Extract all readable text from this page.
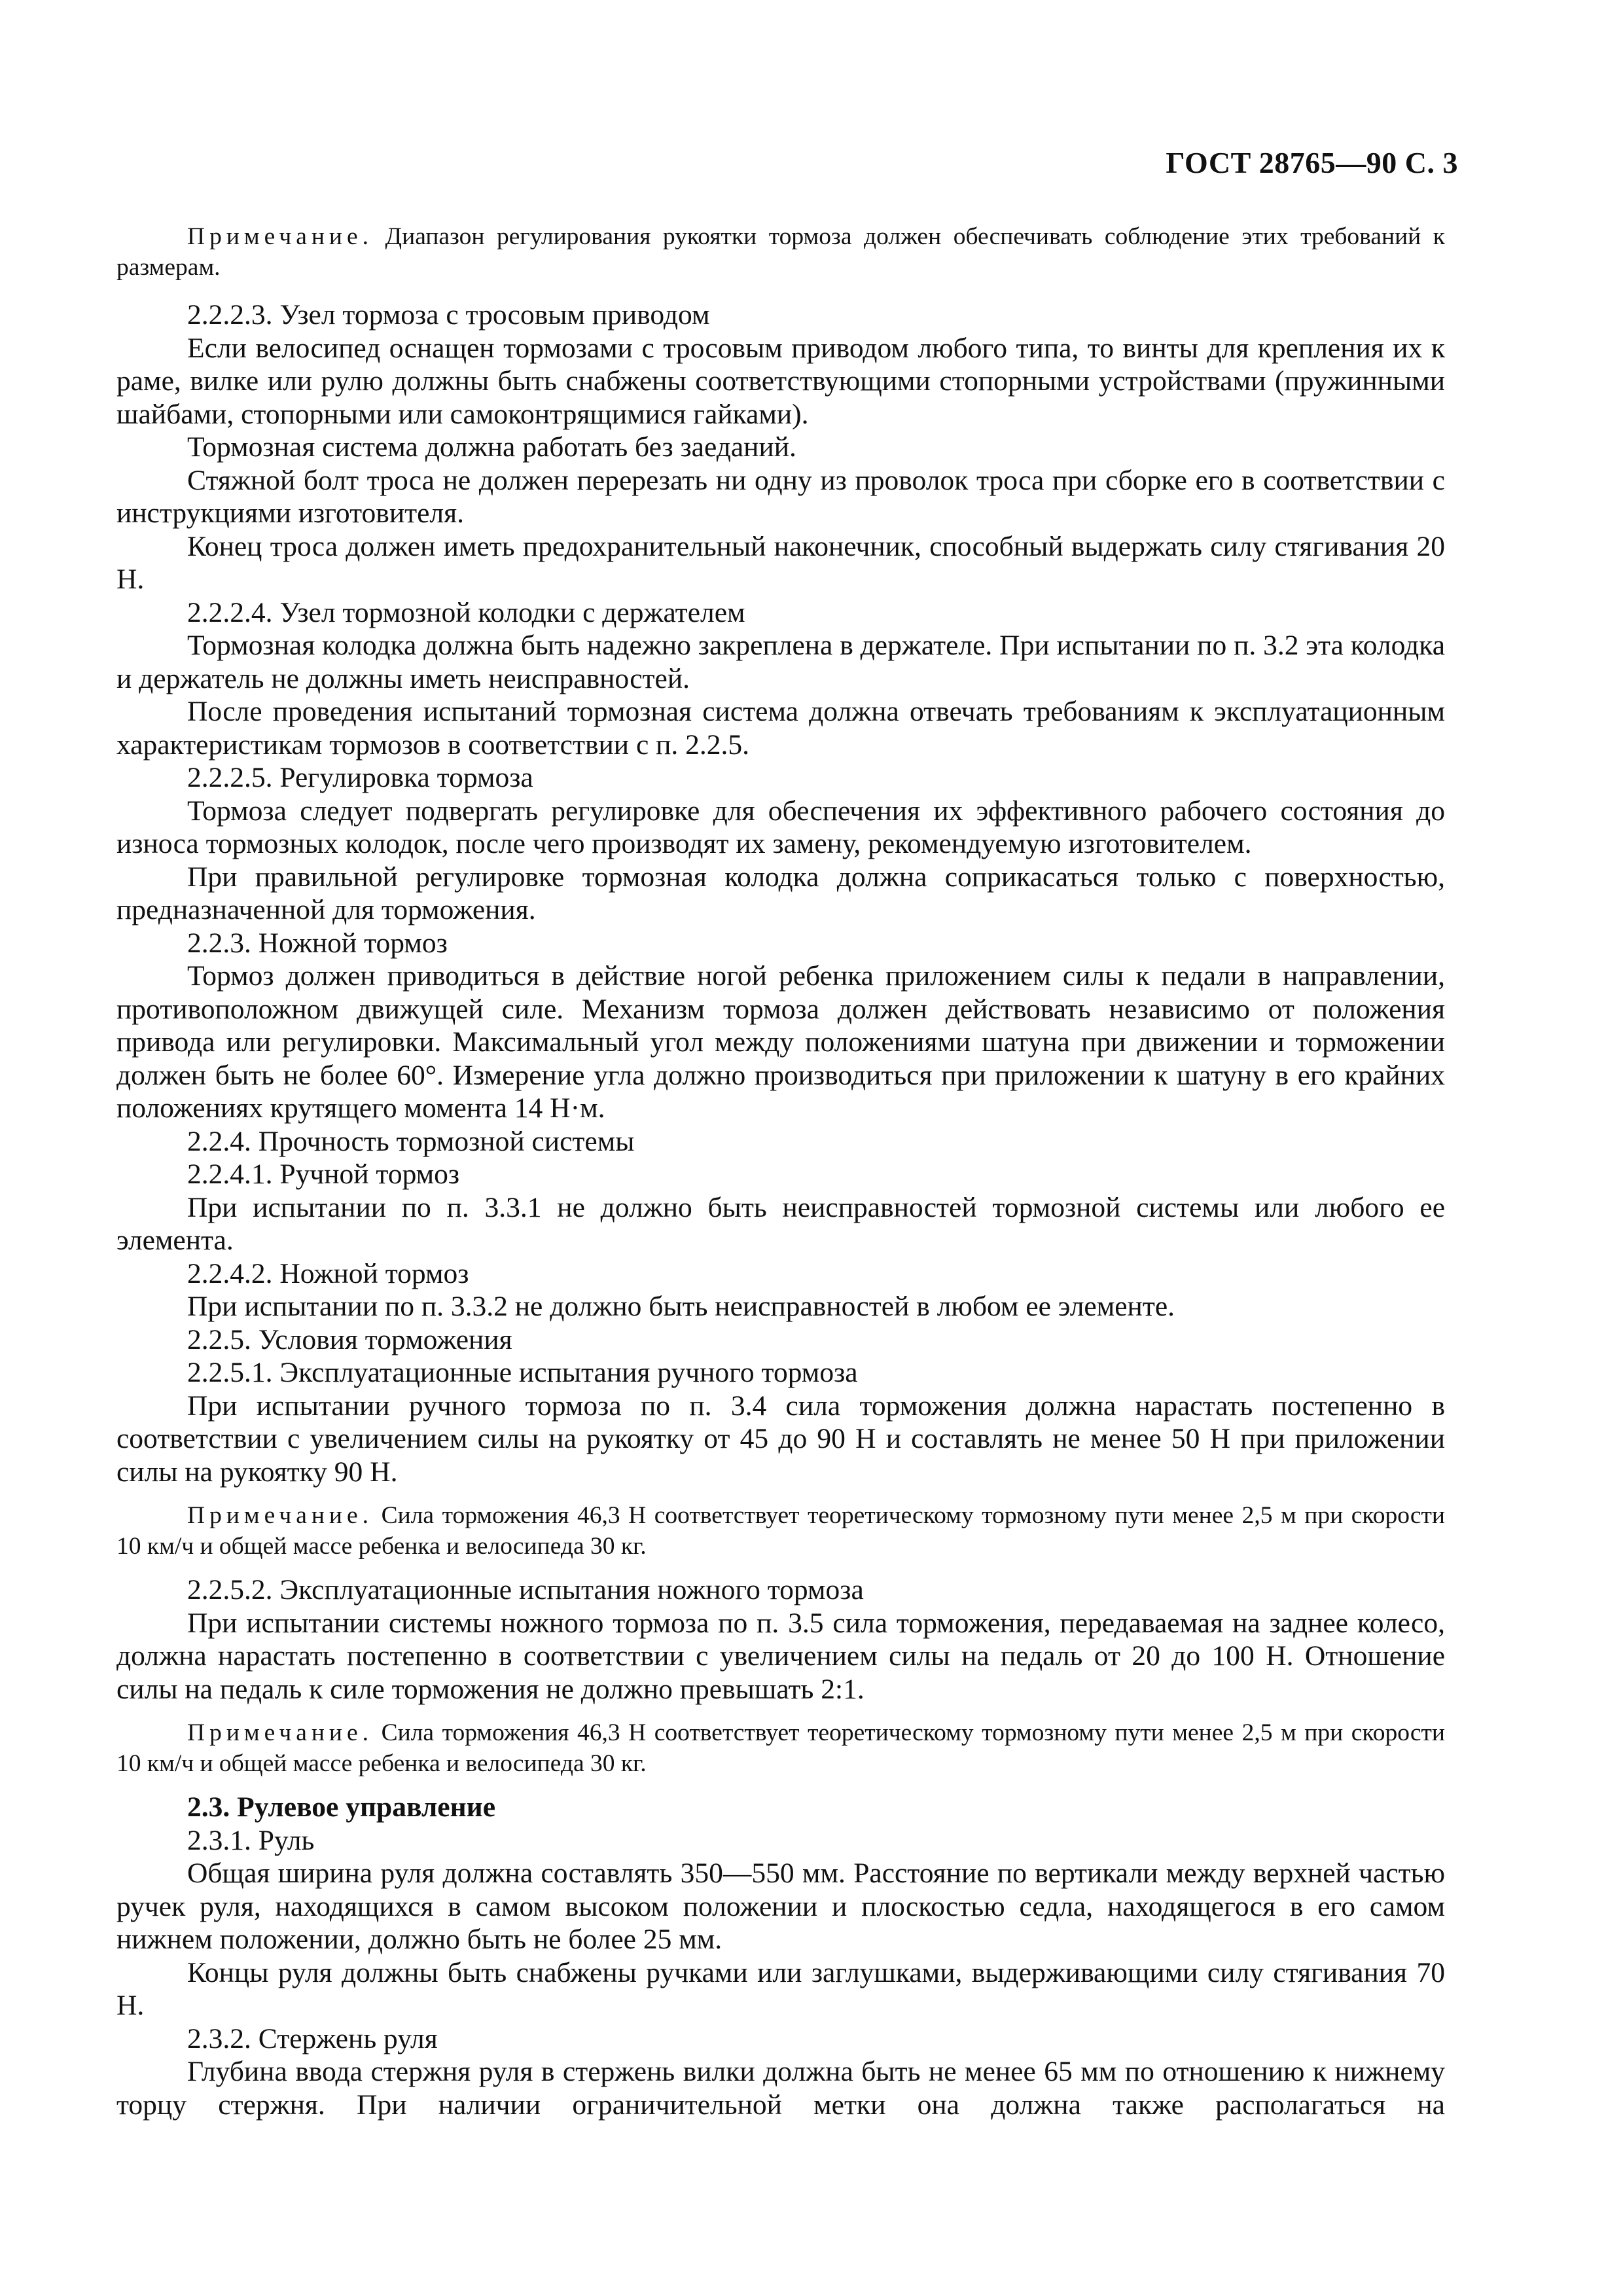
ГОСТ 28765—90 С. 3

Примечание. Диапазон регулирования рукоятки тормоза должен обеспечивать соблюдение этих требований к размерам.

2.2.2.3. Узел тормоза с тросовым приводом

Если велосипед оснащен тормозами с тросовым приводом любого типа, то винты для крепления их к раме, вилке или рулю должны быть снабжены соответствующими стопорными устройствами (пружинными шайбами, стопорными или самоконтрящимися гайками).

Тормозная система должна работать без заеданий.

Стяжной болт троса не должен перерезать ни одну из проволок троса при сборке его в соответствии с инструкциями изготовителя.

Конец троса должен иметь предохранительный наконечник, способный выдержать силу стягивания 20 Н.

2.2.2.4. Узел тормозной колодки с держателем

Тормозная колодка должна быть надежно закреплена в держателе. При испытании по п. 3.2 эта колодка и держатель не должны иметь неисправностей.

После проведения испытаний тормозная система должна отвечать требованиям к эксплуатационным характеристикам тормозов в соответствии с п. 2.2.5.

2.2.2.5. Регулировка тормоза

Тормоза следует подвергать регулировке для обеспечения их эффективного рабочего состояния до износа тормозных колодок, после чего производят их замену, рекомендуемую изготовителем.

При правильной регулировке тормозная колодка должна соприкасаться только с поверхностью, предназначенной для торможения.

2.2.3. Ножной тормоз

Тормоз должен приводиться в действие ногой ребенка приложением силы к педали в направлении, противоположном движущей силе. Механизм тормоза должен действовать независимо от положения привода или регулировки. Максимальный угол между положениями шатуна при движении и торможении должен быть не более 60°. Измерение угла должно производиться при приложении к шатуну в его крайних положениях крутящего момента 14 Н·м.

2.2.4. Прочность тормозной системы

2.2.4.1. Ручной тормоз

При испытании по п. 3.3.1 не должно быть неисправностей тормозной системы или любого ее элемента.

2.2.4.2. Ножной тормоз

При испытании по п. 3.3.2 не должно быть неисправностей в любом ее элементе.

2.2.5. Условия торможения

2.2.5.1. Эксплуатационные испытания ручного тормоза

При испытании ручного тормоза по п. 3.4 сила торможения должна нарастать постепенно в соответствии с увеличением силы на рукоятку от 45 до 90 Н и составлять не менее 50 Н при приложении силы на рукоятку 90 Н.

Примечание. Сила торможения 46,3 Н соответствует теоретическому тормозному пути менее 2,5 м при скорости 10 км/ч и общей массе ребенка и велосипеда 30 кг.

2.2.5.2. Эксплуатационные испытания ножного тормоза

При испытании системы ножного тормоза по п. 3.5 сила торможения, передаваемая на заднее колесо, должна нарастать постепенно в соответствии с увеличением силы на педаль от 20 до 100 Н. Отношение силы на педаль к силе торможения не должно превышать 2:1.

Примечание. Сила торможения 46,3 Н соответствует теоретическому тормозному пути менее 2,5 м при скорости 10 км/ч и общей массе ребенка и велосипеда 30 кг.

2.3. Рулевое управление

2.3.1. Руль

Общая ширина руля должна составлять 350—550 мм. Расстояние по вертикали между верхней частью ручек руля, находящихся в самом высоком положении и плоскостью седла, находящегося в его самом нижнем положении, должно быть не более 25 мм.

Концы руля должны быть снабжены ручками или заглушками, выдерживающими силу стягивания 70 Н.

2.3.2. Стержень руля

Глубина ввода стержня руля в стержень вилки должна быть не менее 65 мм по отношению к нижнему торцу стержня. При наличии ограничительной метки она должна также располагаться на
